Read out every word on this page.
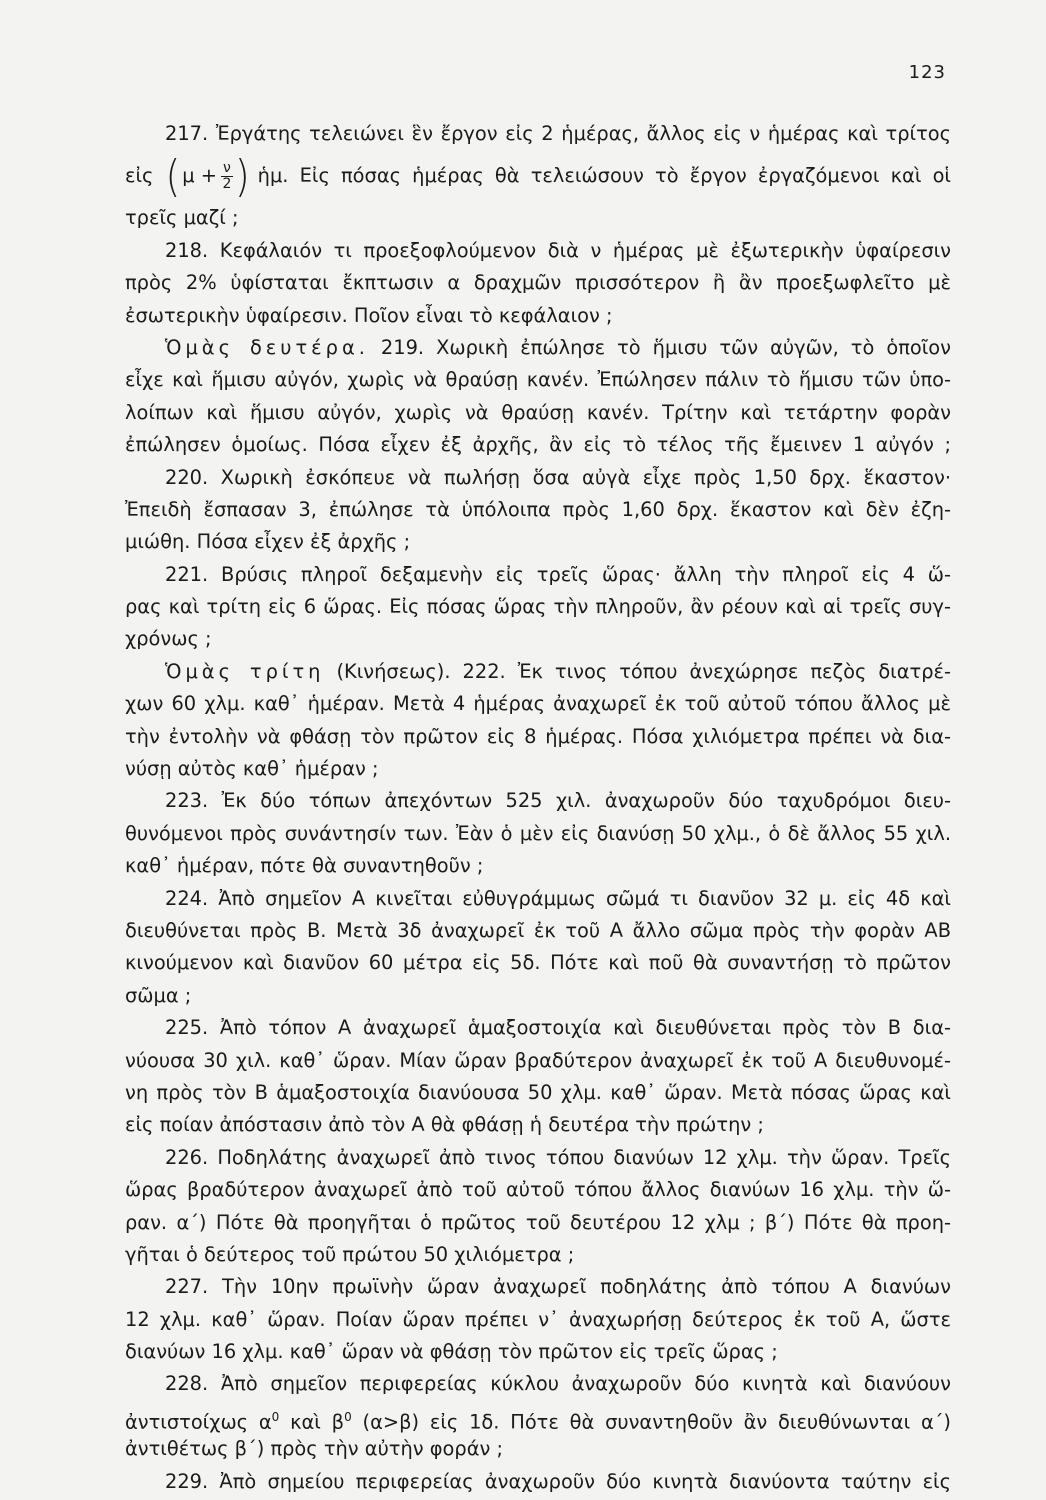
123
217. Ἐργάτης τελειώνει ἓν ἔργον εἰς 2 ἡμέρας, ἄλλος εἰς ν ἡμέρας καὶ τρίτος
εἰς ( $\mu + \frac{\nu}{2}$ ) ἡμ. Εἰς πόσας ἡμέρας θὰ τελειώσουν τὸ ἔργον ἐργαζόμενοι καὶ οἱ
τρεῖς μαζί ;
218. Κεφάλαιόν τι προεξοφλούμενον διὰ ν ἡμέρας μὲ ἐξωτερικὴν ὑφαίρεσιν
πρὸς 2% ὑφίσταται ἔκπτωσιν α δραχμῶν πρισσότερον ἢ ἂν προεξωφλεῖτο μὲ
ἐσωτερικὴν ὑφαίρεσιν. Ποῖον εἶναι τὸ κεφάλαιον ;
Ὁμὰς δευτέρα. 219. Χωρικὴ ἐπώλησε τὸ ἥμισυ τῶν αὐγῶν, τὸ ὁποῖον
εἶχε καὶ ἥμισυ αὐγόν, χωρὶς νὰ θραύσῃ κανέν. Ἐπώλησεν πάλιν τὸ ἥμισυ τῶν ὑπο-
λοίπων καὶ ἥμισυ αὐγόν, χωρὶς νὰ θραύσῃ κανέν. Τρίτην καὶ τετάρτην φορὰν
ἐπώλησεν ὁμοίως. Πόσα εἶχεν ἐξ ἀρχῆς, ἂν εἰς τὸ τέλος τῆς ἔμεινεν 1 αὐγόν ;
220. Χωρικὴ ἐσκόπευε νὰ πωλήσῃ ὅσα αὐγὰ εἶχε πρὸς 1,50 δρχ. ἕκαστον·
Ἐπειδὴ ἔσπασαν 3, ἐπώλησε τὰ ὑπόλοιπα πρὸς 1,60 δρχ. ἕκαστον καὶ δὲν ἐζη-
μιώθη. Πόσα εἶχεν ἐξ ἀρχῆς ;
221. Βρύσις πληροῖ δεξαμενὴν εἰς τρεῖς ὥρας· ἄλλη τὴν πληροῖ εἰς 4 ὥ-
ρας καὶ τρίτη εἰς 6 ὥρας. Εἰς πόσας ὥρας τὴν πληροῦν, ἂν ρέουν καὶ αἱ τρεῖς συγ-
χρόνως ;
Ὁμὰς τρίτη (Κινήσεως). 222. Ἐκ τινος τόπου ἀνεχώρησε πεζὸς διατρέ-
χων 60 χλμ. καθ᾽ ἡμέραν. Μετὰ 4 ἡμέρας ἀναχωρεῖ ἐκ τοῦ αὐτοῦ τόπου ἄλλος μὲ
τὴν ἐντολὴν νὰ φθάσῃ τὸν πρῶτον εἰς 8 ἡμέρας. Πόσα χιλιόμετρα πρέπει νὰ δια-
νύσῃ αὐτὸς καθ᾽ ἡμέραν ;
223. Ἐκ δύο τόπων ἀπεχόντων 525 χιλ. ἀναχωροῦν δύο ταχυδρόμοι διευ-
θυνόμενοι πρὸς συνάντησίν των. Ἐὰν ὁ μὲν εἰς διανύσῃ 50 χλμ., ὁ δὲ ἄλλος 55 χιλ.
καθ᾽ ἡμέραν, πότε θὰ συναντηθοῦν ;
224. Ἀπὸ σημεῖον Α κινεῖται εὐθυγράμμως σῶμά τι διανῦον 32 μ. εἰς 4δ καὶ
διευθύνεται πρὸς Β. Μετὰ 3δ ἀναχωρεῖ ἐκ τοῦ Α ἄλλο σῶμα πρὸς τὴν φορὰν ΑΒ
κινούμενον καὶ διανῦον 60 μέτρα εἰς 5δ. Πότε καὶ ποῦ θὰ συναντήσῃ τὸ πρῶτον
σῶμα ;
225. Ἀπὸ τόπον Α ἀναχωρεῖ ἁμαξοστοιχία καὶ διευθύνεται πρὸς τὸν Β δια-
νύουσα 30 χιλ. καθ᾽ ὥραν. Μίαν ὥραν βραδύτερον ἀναχωρεῖ ἐκ τοῦ Α διευθυνομέ-
νη πρὸς τὸν Β ἁμαξοστοιχία διανύουσα 50 χλμ. καθ᾽ ὥραν. Μετὰ πόσας ὥρας καὶ
εἰς ποίαν ἀπόστασιν ἀπὸ τὸν Α θὰ φθάσῃ ἡ δευτέρα τὴν πρώτην ;
226. Ποδηλάτης ἀναχωρεῖ ἀπὸ τινος τόπου διανύων 12 χλμ. τὴν ὥραν. Τρεῖς
ὥρας βραδύτερον ἀναχωρεῖ ἀπὸ τοῦ αὐτοῦ τόπου ἄλλος διανύων 16 χλμ. τὴν ὥ-
ραν. α΄) Πότε θὰ προηγῆται ὁ πρῶτος τοῦ δευτέρου 12 χλμ ; β΄) Πότε θὰ προη-
γῆται ὁ δεύτερος τοῦ πρώτου 50 χιλιόμετρα ;
227. Τὴν 10ην πρωϊνὴν ὥραν ἀναχωρεῖ ποδηλάτης ἀπὸ τόπου Α διανύων
12 χλμ. καθ᾽ ὥραν. Ποίαν ὥραν πρέπει ν᾽ ἀναχωρήσῃ δεύτερος ἐκ τοῦ Α, ὥστε
διανύων 16 χλμ. καθ᾽ ὥραν νὰ φθάσῃ τὸν πρῶτον εἰς τρεῖς ὥρας ;
228. Ἀπὸ σημεῖον περιφερείας κύκλου ἀναχωροῦν δύο κινητὰ καὶ διανύουν
ἀντιστοίχως $\alpha^0$ καὶ $\beta^0$ (α>β) εἰς 1δ. Πότε θὰ συναντηθοῦν ἂν διευθύνωνται α΄)
ἀντιθέτως β΄) πρὸς τὴν αὐτὴν φοράν ;
229. Ἀπὸ σημείου περιφερείας ἀναχωροῦν δύο κινητὰ διανύοντα ταύτην εἰς
